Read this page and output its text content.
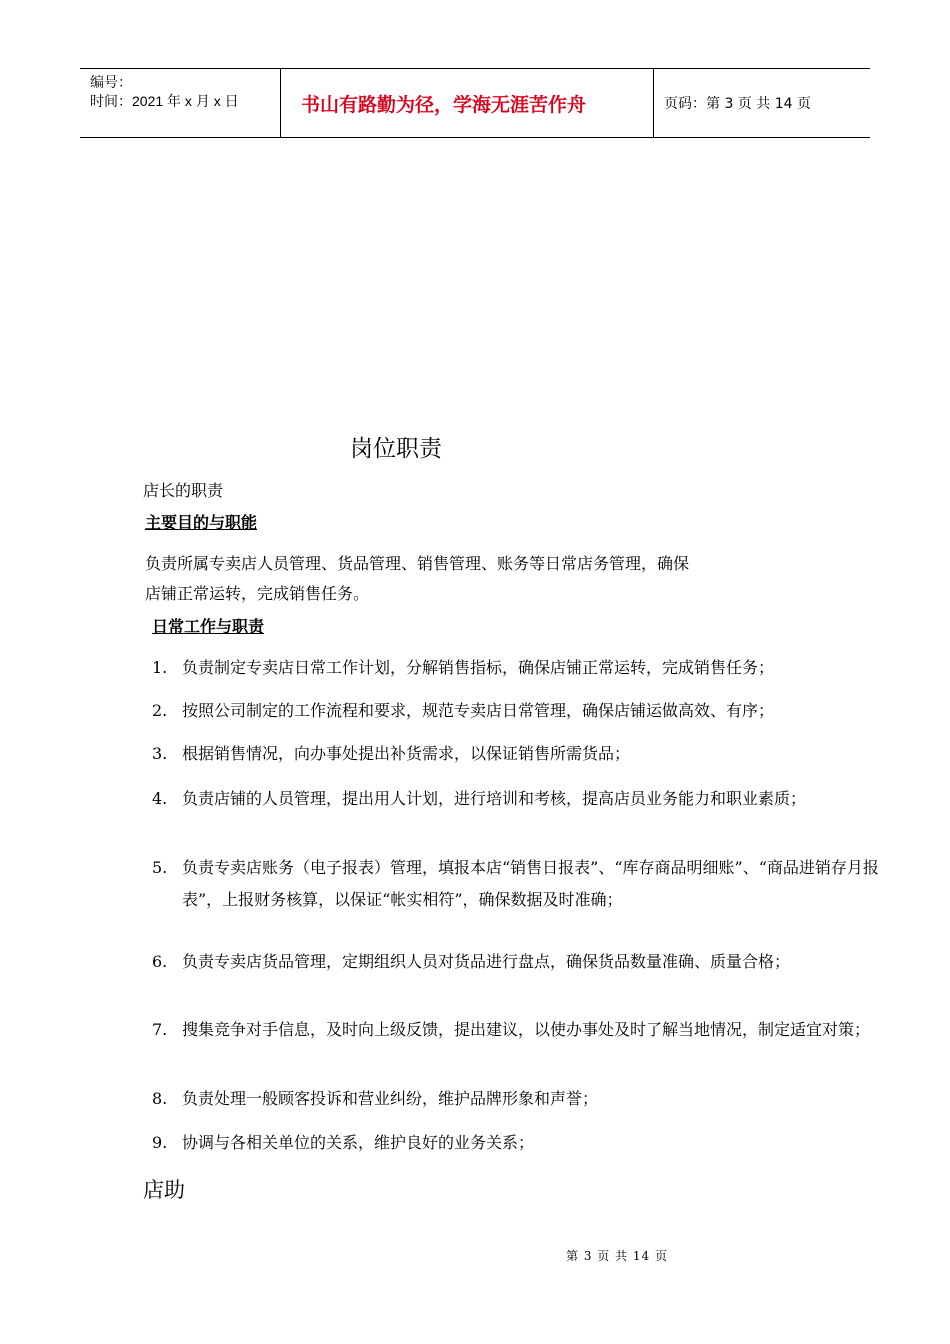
编号：
时间：2021 年 x 月 x 日	书山有路勤为径，学海无涯苦作舟	页码：第 3 页 共 14 页
岗位职责
店长的职责
主要目的与职能
负责所属专卖店人员管理、货品管理、销售管理、账务等日常店务管理，确保
店铺正常运转，完成销售任务。
日常工作与职责
1. 负责制定专卖店日常工作计划，分解销售指标，确保店铺正常运转，完成销售任务；
2. 按照公司制定的工作流程和要求，规范专卖店日常管理，确保店铺运做高效、有序；
3. 根据销售情况，向办事处提出补货需求，以保证销售所需货品；
4. 负责店铺的人员管理，提出用人计划，进行培训和考核，提高店员业务能力和职业素质；
5. 负责专卖店账务（电子报表）管理，填报本店“销售日报表”、“库存商品明细账”、“商品进销存月报表”，上报财务核算，以保证“帐实相符”，确保数据及时准确；
6. 负责专卖店货品管理，定期组织人员对货品进行盘点，确保货品数量准确、质量合格；
7. 搜集竞争对手信息，及时向上级反馈，提出建议，以使办事处及时了解当地情况，制定适宜对策；
8. 负责处理一般顾客投诉和营业纠纷，维护品牌形象和声誉；
9. 协调与各相关单位的关系，维护良好的业务关系；
店助
第 3 页 共 14 页
